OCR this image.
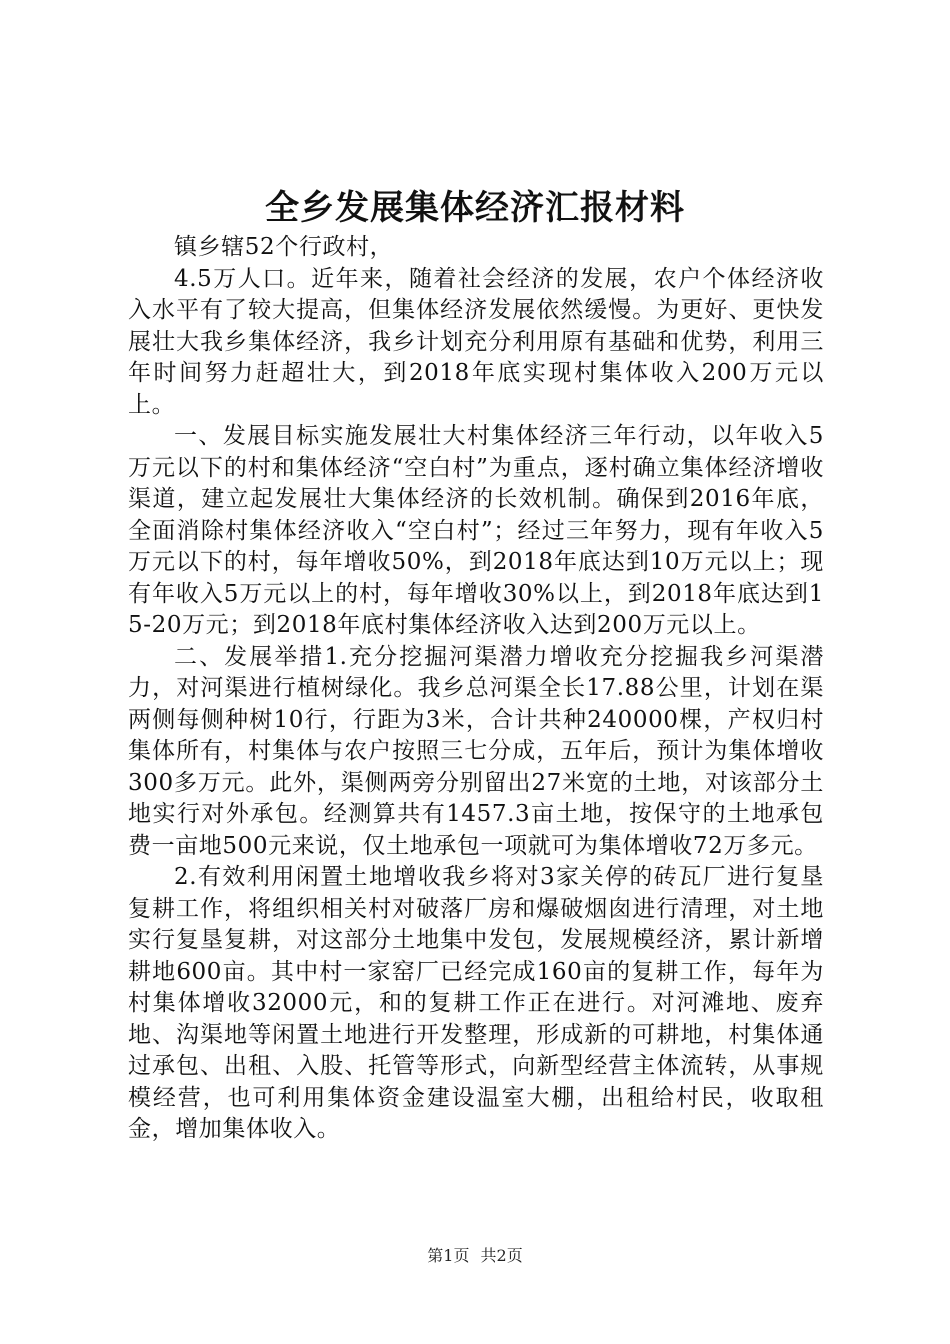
全乡发展集体经济汇报材料

镇乡辖52个行政村，

4.5万人口。近年来，随着社会经济的发展，农户个体经济收入水平有了较大提高，但集体经济发展依然缓慢。为更好、更快发展壮大我乡集体经济，我乡计划充分利用原有基础和优势，利用三年时间努力赶超壮大，到2018年底实现村集体收入200万元以上。

一、发展目标实施发展壮大村集体经济三年行动，以年收入5万元以下的村和集体经济“空白村”为重点，逐村确立集体经济增收渠道，建立起发展壮大集体经济的长效机制。确保到2016年底，全面消除村集体经济收入“空白村”；经过三年努力，现有年收入5万元以下的村，每年增收50%，到2018年底达到10万元以上；现有年收入5万元以上的村，每年增收30%以上，到2018年底达到15-20万元；到2018年底村集体经济收入达到200万元以上。

二、发展举措1.充分挖掘河渠潜力增收充分挖掘我乡河渠潜力，对河渠进行植树绿化。我乡总河渠全长17.88公里，计划在渠两侧每侧种树10行，行距为3米，合计共种240000棵，产权归村集体所有，村集体与农户按照三七分成，五年后，预计为集体增收300多万元。此外，渠侧两旁分别留出27米宽的土地，对该部分土地实行对外承包。经测算共有1457.3亩土地，按保守的土地承包费一亩地500元来说，仅土地承包一项就可为集体增收72万多元。

2.有效利用闲置土地增收我乡将对3家关停的砖瓦厂进行复垦复耕工作，将组织相关村对破落厂房和爆破烟囱进行清理，对土地实行复垦复耕，对这部分土地集中发包，发展规模经济，累计新增耕地600亩。其中村一家窑厂已经完成160亩的复耕工作，每年为村集体增收32000元，和的复耕工作正在进行。对河滩地、废弃地、沟渠地等闲置土地进行开发整理，形成新的可耕地，村集体通过承包、出租、入股、托管等形式，向新型经营主体流转，从事规模经营，也可利用集体资金建设温室大棚，出租给村民，收取租金，增加集体收入。

第1页 共2页
